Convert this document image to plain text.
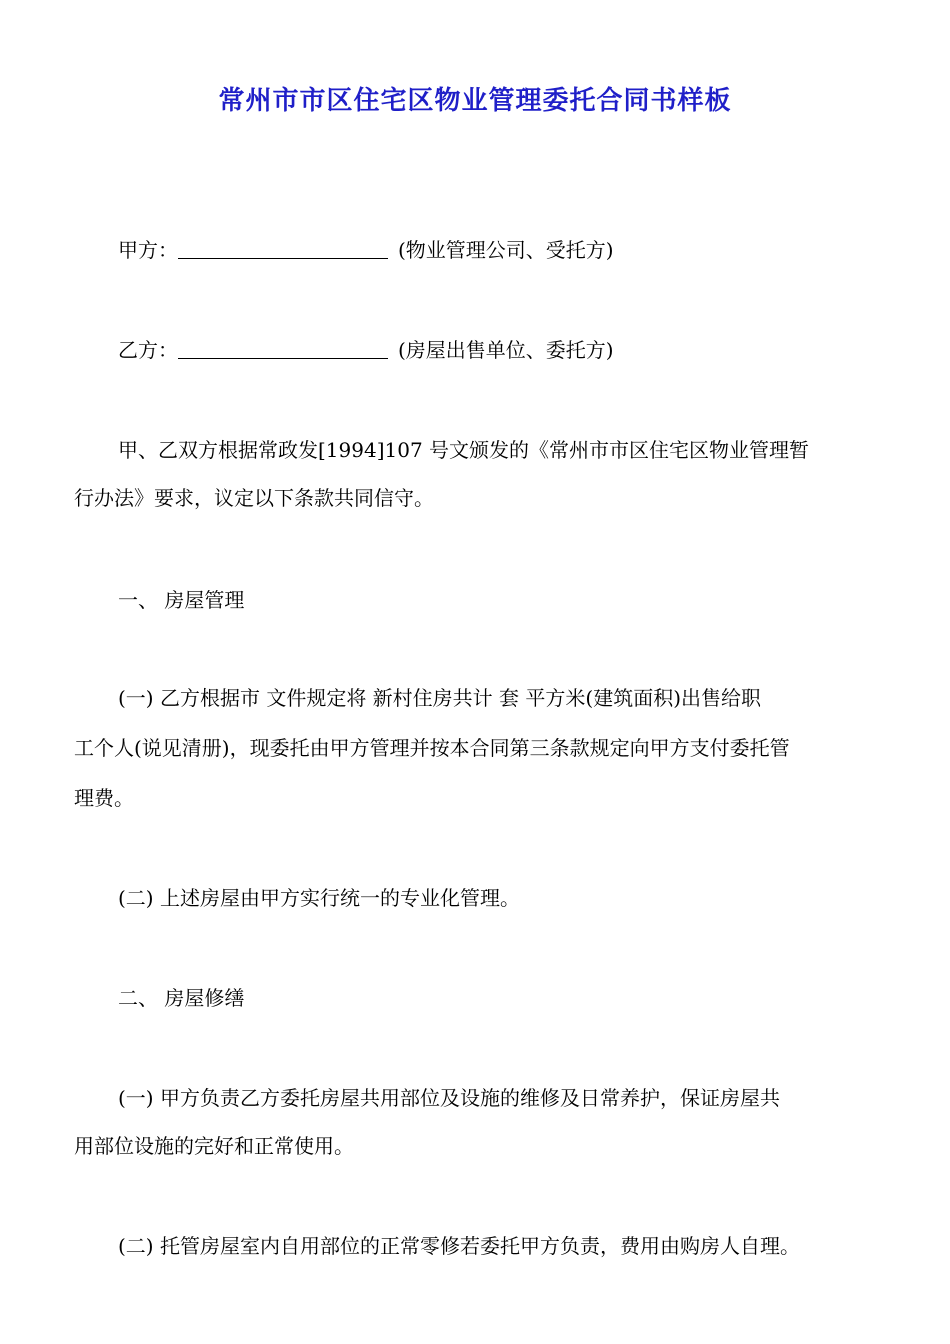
常州市市区住宅区物业管理委托合同书样板
甲方：	(物业管理公司、受托方)
乙方：	(房屋出售单位、委托方)
甲、乙双方根据常政发[1994]107 号文颁发的《常州市市区住宅区物业管理暂
行办法》要求，议定以下条款共同信守。
一、 房屋管理
(一) 乙方根据市 文件规定将 新村住房共计 套 平方米(建筑面积)出售给职
工个人(说见清册)，现委托由甲方管理并按本合同第三条款规定向甲方支付委托管
理费。
(二) 上述房屋由甲方实行统一的专业化管理。
二、 房屋修缮
(一) 甲方负责乙方委托房屋共用部位及设施的维修及日常养护，保证房屋共
用部位设施的完好和正常使用。
(二) 托管房屋室内自用部位的正常零修若委托甲方负责，费用由购房人自理。
